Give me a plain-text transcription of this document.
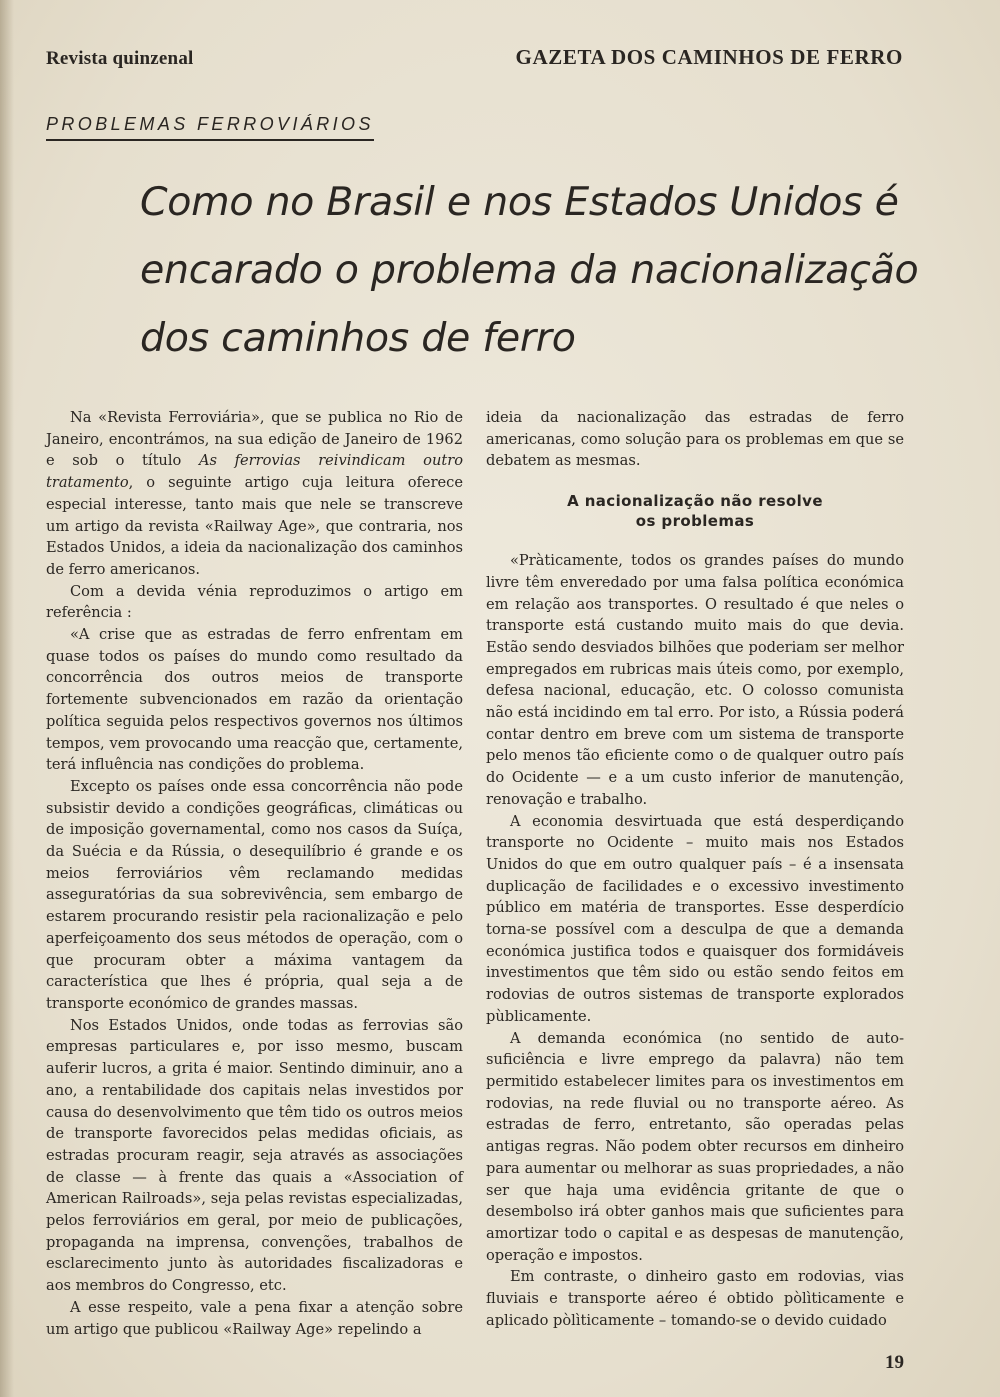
Revista quinzenal	GAZETA DOS CAMINHOS DE FERRO
PROBLEMAS FERROVIÁRIOS
Como no Brasil e nos Estados Unidos é
encarado o problema da nacionalização
dos caminhos de ferro

Na «Revista Ferroviária», que se publica no Rio de Janeiro, encontrámos, na sua edição de Janeiro de 1962 e sob o título As ferrovias reivindicam outro tratamento, o seguinte artigo cuja leitura oferece especial interesse, tanto mais que nele se transcreve um artigo da revista «Railway Age», que contraria, nos Estados Unidos, a ideia da nacionalização dos caminhos de ferro americanos.

Com a devida vénia reproduzimos o artigo em referência :

«A crise que as estradas de ferro enfrentam em quase todos os países do mundo como resultado da concorrência dos outros meios de transporte fortemente subvencionados em razão da orientação política seguida pelos respectivos governos nos últimos tempos, vem provocando uma reacção que, certamente, terá influência nas condições do problema.

Excepto os países onde essa concorrência não pode subsistir devido a condições geográficas, climáticas ou de imposição governamental, como nos casos da Suíça, da Suécia e da Rússia, o desequilíbrio é grande e os meios ferroviários vêm reclamando medidas asseguratórias da sua sobrevivência, sem embargo de estarem procurando resistir pela racionalização e pelo aperfeiçoamento dos seus métodos de operação, com o que procuram obter a máxima vantagem da característica que lhes é própria, qual seja a de transporte económico de grandes massas.

Nos Estados Unidos, onde todas as ferrovias são empresas particulares e, por isso mesmo, buscam auferir lucros, a grita é maior. Sentindo diminuir, ano a ano, a rentabilidade dos capitais nelas investidos por causa do desenvolvimento que têm tido os outros meios de transporte favorecidos pelas medidas oficiais, as estradas procuram reagir, seja através as associações de classe — à frente das quais a «Association of American Railroads», seja pelas revistas especializadas, pelos ferroviários em geral, por meio de publicações, propaganda na imprensa, convenções, trabalhos de esclarecimento junto às autoridades fiscalizadoras e aos membros do Congresso, etc.

A esse respeito, vale a pena fixar a atenção sobre um artigo que publicou «Railway Age» repelindo a

ideia da nacionalização das estradas de ferro americanas, como solução para os problemas em que se debatem as mesmas.

A nacionalização não resolve
os problemas

«Pràticamente, todos os grandes países do mundo livre têm enveredado por uma falsa política económica em relação aos transportes. O resultado é que neles o transporte está custando muito mais do que devia. Estão sendo desviados bilhões que poderiam ser melhor empregados em rubricas mais úteis como, por exemplo, defesa nacional, educação, etc. O colosso comunista não está incidindo em tal erro. Por isto, a Rússia poderá contar dentro em breve com um sistema de transporte pelo menos tão eficiente como o de qualquer outro país do Ocidente — e a um custo inferior de manutenção, renovação e trabalho.

A economia desvirtuada que está desperdiçando transporte no Ocidente – muito mais nos Estados Unidos do que em outro qualquer país – é a insensata duplicação de facilidades e o excessivo investimento público em matéria de transportes. Esse desperdício torna-se possível com a desculpa de que a demanda económica justifica todos e quaisquer dos formidáveis investimentos que têm sido ou estão sendo feitos em rodovias de outros sistemas de transporte explorados pùblicamente.

A demanda económica (no sentido de auto-suficiência e livre emprego da palavra) não tem permitido estabelecer limites para os investimentos em rodovias, na rede fluvial ou no transporte aéreo. As estradas de ferro, entretanto, são operadas pelas antigas regras. Não podem obter recursos em dinheiro para aumentar ou melhorar as suas propriedades, a não ser que haja uma evidência gritante de que o desembolso irá obter ganhos mais que suficientes para amortizar todo o capital e as despesas de manutenção, operação e impostos.

Em contraste, o dinheiro gasto em rodovias, vias fluviais e transporte aéreo é obtido pòlìticamente e aplicado pòlìticamente – tomando-se o devido cuidado

19
